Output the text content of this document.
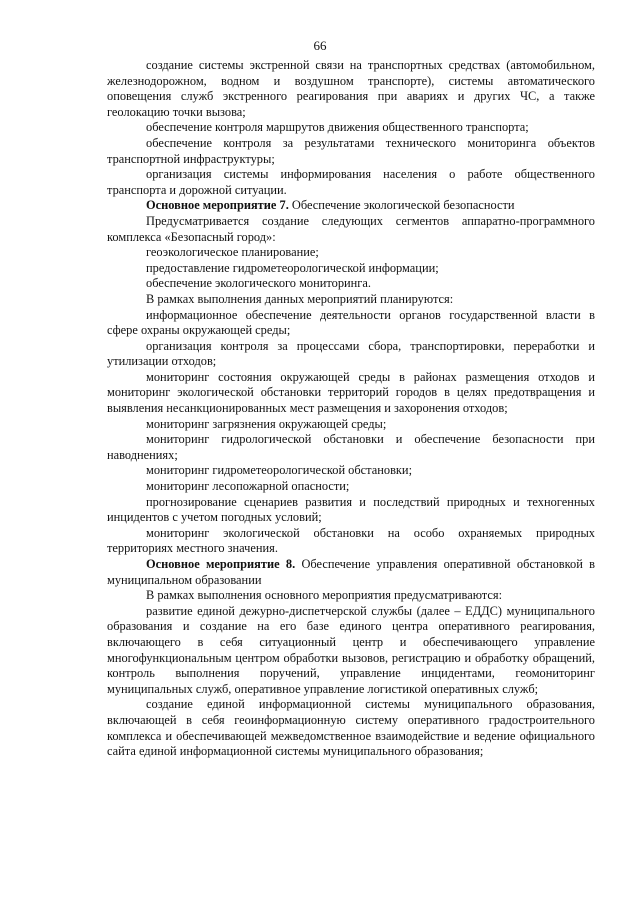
66

создание системы экстренной связи на транспортных средствах (автомобильном, железнодорожном, водном и воздушном транспорте), системы автоматического оповещения служб экстренного реагирования при авариях и других ЧС, а также геолокацию точки вызова;

обеспечение контроля маршрутов движения общественного транспорта;

обеспечение контроля за результатами технического мониторинга объектов транспортной инфраструктуры;

организация системы информирования населения о работе общественного транспорта и дорожной ситуации.

Основное мероприятие 7. Обеспечение экологической безопасности

Предусматривается создание следующих сегментов аппаратно-программного комплекса «Безопасный город»:

геоэкологическое планирование;

предоставление гидрометеорологической информации;

обеспечение экологического мониторинга.

В рамках выполнения данных мероприятий планируются:

информационное обеспечение деятельности органов государственной власти в сфере охраны окружающей среды;

организация контроля за процессами сбора, транспортировки, переработки и утилизации отходов;

мониторинг состояния окружающей среды в районах размещения отходов и мониторинг экологической обстановки территорий городов в целях предотвращения и выявления несанкционированных мест размещения и захоронения отходов;

мониторинг загрязнения окружающей среды;

мониторинг гидрологической обстановки и обеспечение безопасности при наводнениях;

мониторинг гидрометеорологической обстановки;

мониторинг лесопожарной опасности;

прогнозирование сценариев развития и последствий природных и техногенных инцидентов с учетом погодных условий;

мониторинг экологической обстановки на особо охраняемых природных территориях местного значения.

Основное мероприятие 8. Обеспечение управления оперативной обстановкой в муниципальном образовании

В рамках выполнения основного мероприятия предусматриваются:

развитие единой дежурно-диспетчерской службы (далее – ЕДДС) муниципального образования и создание на его базе единого центра оперативного реагирования, включающего в себя ситуационный центр и обеспечивающего управление многофункциональным центром обработки вызовов, регистрацию и обработку обращений, контроль выполнения поручений, управление инцидентами, геомониторинг муниципальных служб, оперативное управление логистикой оперативных служб;

создание единой информационной системы муниципального образования, включающей в себя геоинформационную систему оперативного градостроительного комплекса и обеспечивающей межведомственное взаимодействие и ведение официального сайта единой информационной системы муниципального образования;
